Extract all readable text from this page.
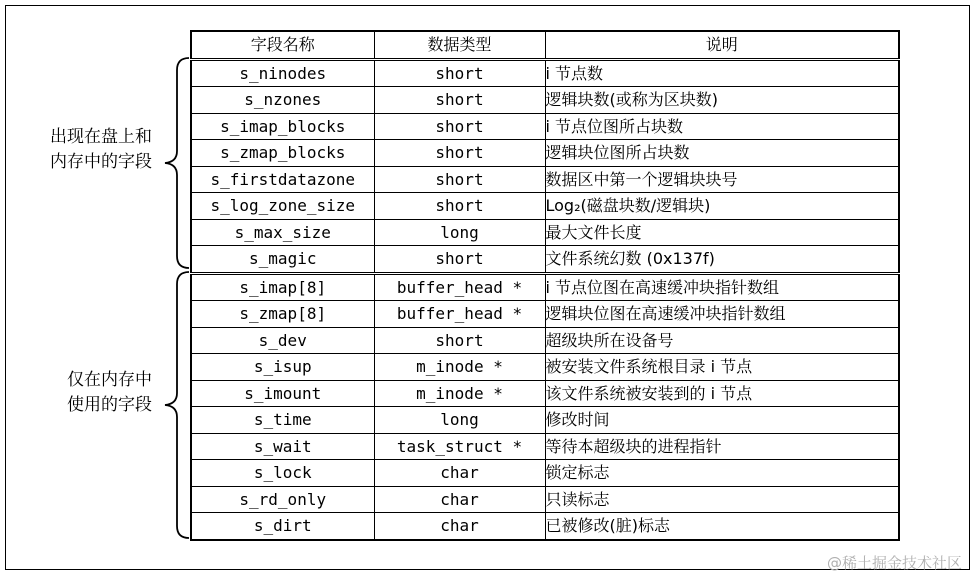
出现在盘上和
内存中的字段
仅在内存中
使用的字段
字段名称	数据类型	说明
s_ninodes	short	i 节点数
s_nzones	short	逻辑块数(或称为区块数)
s_imap_blocks	short	i 节点位图所占块数
s_zmap_blocks	short	逻辑块位图所占块数
s_firstdatazone	short	数据区中第一个逻辑块块号
s_log_zone_size	short	Log₂(磁盘块数/逻辑块)
s_max_size	long	最大文件长度
s_magic	short	文件系统幻数 (0x137f)
s_imap[8]	buffer_head *	i 节点位图在高速缓冲块指针数组
s_zmap[8]	buffer_head *	逻辑块位图在高速缓冲块指针数组
s_dev	short	超级块所在设备号
s_isup	m_inode *	被安装文件系统根目录 i 节点
s_imount	m_inode *	该文件系统被安装到的 i 节点
s_time	long	修改时间
s_wait	task_struct *	等待本超级块的进程指针
s_lock	char	锁定标志
s_rd_only	char	只读标志
s_dirt	char	已被修改(脏)标志
@稀土掘金技术社区
